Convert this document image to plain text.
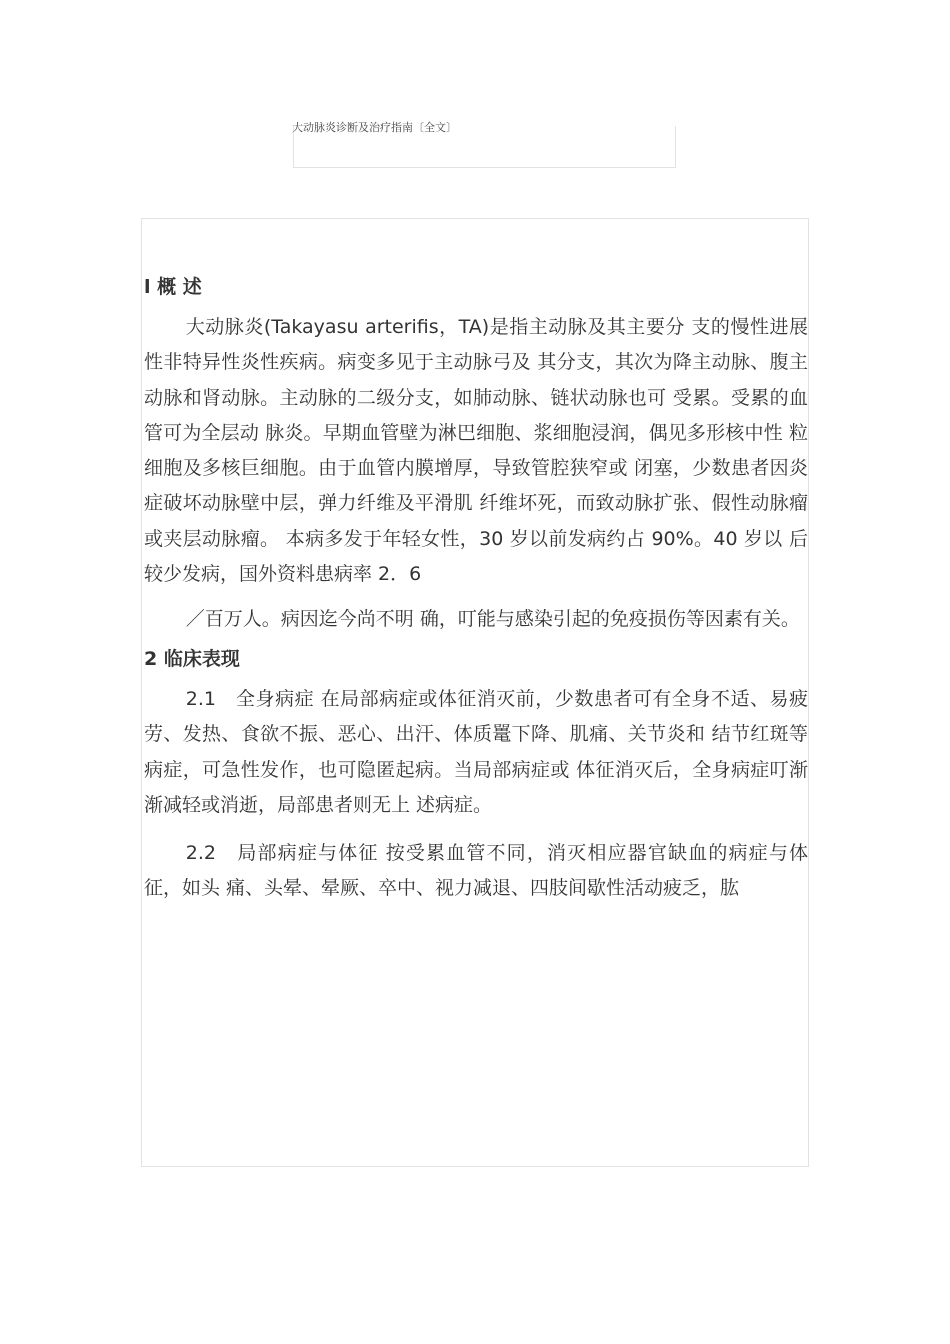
大动脉炎诊断及治疗指南〔全文〕
l 概 述

大动脉炎(Takayasu arterifis，TA)是指主动脉及其主要分 支的慢性进展性非特异性炎性疾病。病变多见于主动脉弓及 其分支，其次为降主动脉、腹主动脉和肾动脉。主动脉的二级分支，如肺动脉、链状动脉也可 受累。受累的血管可为全层动 脉炎。早期血管壁为淋巴细胞、浆细胞浸润，偶见多形核中性 粒细胞及多核巨细胞。由于血管内膜增厚，导致管腔狭窄或 闭塞，少数患者因炎症破坏动脉壁中层，弹力纤维及平滑肌 纤维坏死，而致动脉扩张、假性动脉瘤或夹层动脉瘤。 本病多发于年轻女性，30 岁以前发病约占 90%。40 岁以 后较少发病，国外资料患病率 2．6
／百万人。病因迄今尚不明 确，叮能与感染引起的免疫损伤等因素有关。

2 临床表现

2.1　全身病症 在局部病症或体征消灭前，少数患者可有全身不适、易疲 劳、发热、食欲不振、恶心、出汗、体质鼍下降、肌痛、关节炎和 结节红斑等病症，可急性发作，也可隐匿起病。当局部病症或 体征消灭后，全身病症叮渐渐减轻或消逝，局部患者则无上 述病症。

2.2　局部病症与体征 按受累血管不同，消灭相应器官缺血的病症与体征，如头 痛、头晕、晕厥、卒中、视力减退、四肢间歇性活动疲乏，肱
